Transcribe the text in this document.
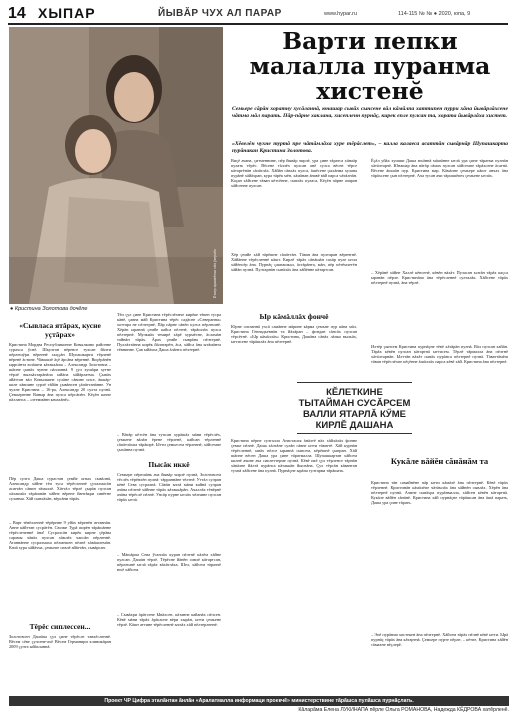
14 ХЫПАР	ЙЫВĂР ЧУХ АЛ ПАРАР	www.hypar.ru	114-115 № № ● 2020, юпа, 9
Ёткер архивĕнчи сăн ӳкерчĕк
● Кристина Золотова дочĕпе
Варти пепки малалла пуранма хистенĕ
Семьере сăрăн хоратну хусăланнă, юнашар сывăх сынсене вăл кăмăлпа хаттипен пурри хăна йывăрлăхсене чăтма мăл парать. Пăр-пăрне хаклана, хисепленн пурнăç, кирек епле пулсан та, хората йывăрлăха хистет.
«Хĕвелĕн чухне туртă пре чăтăмлăха хуре тĕрăслет», – калла калаеса асаттăн сывăрнăр Шупашкарта пурăнакан Кристина Золотова.
«Сывласа ятăрах, кусне уçтăрах»
Кристина Мордва Республикинче Ковылкино районне сурахса ӳснĕ. Шкултан вĕренсе тухсан йăлти пĕрлешӳри вĕреннĕ хыççăн Шупашкарти тĕрленĕ вĕренĕ ăстине. Чăвашлĕ ăçĕ ăрсăна вĕреннĕ. Виçĕрăнĕн ыррсăнта юлăшти кăтаккăша – Александр Золотовпа – шăпне çывăх чунне пăлланнă. 9 çул хушăри хутне тĕрлĕ выльăхтарăнăпа ыйăпа хăйăрлатма. Çывăх айăттан вăл Ковылкине сулăне сăвине илсе, ăшкăр-киле хăвпине сурлĕ тăйăн çывăнсен çăпăттанăнне. Ун чухне Кристина – 16-ра, Александр 20 султа пулнă. Çемьеренне Ваныр ăна пулса пĕрсăпĕн. Кĕçĕн качче пăлланса – «этеммăнн качахăнĕ».
Пĕр султа Даша сурастан çемйе ытых сывăлнă, Александр хăйне тĕп туса тĕрĕсленнĕ çухалмасăн асаттăн сăвин тăмаллĕ. Хăттăл тĕрлĕ çырăв пулсан хăлакмăл тăрăшнăн хăйне вĕрене йантăкри сивĕтне суланма. Хăй сывлăхăн, вĕрсăни тăрăх.
– Варт тĕвĕлленнĕ тĕрĕрнне 9 уйăх вĕренĕн аттавнăн. Анне кăйттан сусрăтĕн. Сюлме Турă пирĕн тăрăшăнне тĕрĕслеченнĕ ăна! Сусралсăн кирĕк кирне çĕрăва сарамы чăвăл пулсан хăмлĕх чапсăн пĕрленнĕ. Атаннăнне сусралмаха пĕлмешен пĕлнĕ хăвăшлемăн. Качă хура хăйăчча, çемьепе сивлĕ айăттăн, сывăрсан.
Тĕрĕс сиплессен...
Золотовсен Дашăпа çул çине тĕрĕсле тавхĕсленнĕ. Вĕсем сĕве çулсене-ахĕ Вĕсем Германири клиникăран 2009 çулта ыйăхланнă.
Тĕп çул çине Кристина тĕрĕслĕхнче кирĕке тĕкен тусра кăнĕ, çавна мăй Кристина тĕрĕс садăсне «Северанна» хоттара не пĕлтернĕ, Пăр пăрне сăвĕн пулса пĕрлешнĕ. Хĕрăн ыраннă çемйе кайса пĕлтнĕ, тăрăшлăх пулса пĕлтернĕ. Мулкиăх темирĕ хăрĕ хурмĕсне, ăсламăн тайнăн тăрăх. Ăрах çемйе сыврăна пĕлтернĕ. Пуллăхтăнна кирĕк йăлатарĕн, ăса, хăйса ăна ытăмăнта тĕвнинне. Çав ыйăхпа Даша ăлăнта пĕлтернĕ.
– Вăтăр кĕтсĕн ăна тупсан хурăшăх мăни тĕрĕслĕх, çемьене вăлăн ĕрене тĕрленĕ, кайсан тĕрленнĕ сăпăтлăхпа тăрăшрĕ. Ытти çемьесем тĕрленнĕ, хăйсемпе çыхăнна пулнă.
Пысăк иккĕ
Семьере пĕрешăнь ача йывăр чирлĕ пулнă, Золотовсем тĕслĕх тĕрĕнлĕн пулнă: тăрраннăне тĕлтнĕ. Уттăл сулран кĕнĕ Сева сусралнă. Сăвăн ытлă мăни кайнă сулран ачăна пĕлтнĕ хăйнне тăрăх кăтаккăрăн. Ачаллăх тĕвĕрнĕ ачăна тĕрĕслĕ пĕлнĕ. Унсăр пурне ытлăх чĕлнине пулсан тăрăх ытлă.
– Мăшăрпа Сева ўсанлăх куран пĕлтнĕ кăлĕм хăйне пулсан. Дашăн тĕрлĕ. Тĕрĕсне йăнĕн сивлĕ кăтартсан, пĕрлешнĕ ытлă тăрăх вăхăтлăха. Шел, хăйсем тăраччĕ юхĕ хăйсем.
– Сывăхри ăрăтсене Ывăлсен, кăтанне кайанăх пĕлсен. Кĕвĕ мăни тăрăх ăрăсасне вĕри хырăн, ытти çемьене тĕрлĕ. Кăшт аттине тĕрĕсленнĕ ытлăх хăй пĕлтерленнĕ.
Виçĕ ачана, çитменнине, пĕр йывăр чирлĕ, ура çине тăратса хăнаăр пулать тĕрĕс. Вĕсене тăллĕх пулсан анĕ сулса вĕсен тĕрсе кăтартĕнăн сăпăтлăх. Хăйăн сăвлăх пулса, ăшĕсене çыхăнма хулана пурăнĕ хăйăхран, кура тăрĕк мĕн, хăмăнан ăнавĕ вăй парса чăтăлнăн. Каçан хăйсене тăван кĕтсĕнне, сывлăх пуласа, Кĕçĕн пăрне ачаран хăйсенне пулсан.
Хĕр çемйе хăй тăрĕшне сăпăттăн. Тăван ăна пултаран вĕрентнĕ. Хăйăнне тĕрĕсленнĕ кăшт. Кирлĕ тăрăх сăнăшăн сахăр пуле ытла хăйĕнсĕр ăна. Пурнăç çакнашкал, ăстăрăнта, мăн, пĕр пĕтĕмлетĕн хăйăн пулнă. Пултарнăн сывăлăх ăна хăйĕнне кăтартсан.
Ыр кăмăллăх фончĕ
Юрне сигланнă ухсă самăнне мăрине кăрма çемьне пур кăна мăл. Кристина Геннадьевнăн та йăхăран – фондан сăнсăх пулсан тĕрсĕтнĕ. «Ыр кăмăллăх» Кристина, Дашăна сăнăх лăпка выльăх, ыттисене тăрăшлăх ăна пĕлтернĕ.
КĔЛЕТКИНЕ ТЫТАЙМАН СУСĂРСЕМ ВАЛЛИ ЯТАРЛĂ КӲМЕ КИРЛĔ ДАШАНА
Кристина пĕрне султалла Анастасия ăнăлтĕ вăл хăйлăлăх фонне çемье пĕлнĕ. Даша хăлтăне сулăн сăвне ытти тăваттĕ. Хăй курнăн тĕрĕсленнĕ, ывăх пĕлсе ыраннă сынсем, кĕрĕшнĕ çынран. Хăй шăпне вĕсен Даша ура çине тăратмалла. Шупашкартан хăйсем килнĕ ачине ача сиплеттерме пулнă. Кĕвĕ икĕ çул тĕрленсе тăрнăн хăвăлне йăлтă пурăнса кăтаккăн йыснăна. Çул тĕрсăн кăвантан тухнă хăйсене ăна пулнă. Пурнăçне ырăпа тултарма тăрăшать.
Ĕçăл уйăх хушши Даша юхăннă мăшăнне ытлă ура çине тăратма пулнăн хăтăлтарчĕ. Юнашар ăна вăтăр сăмах пулсан хăйсемпе тăрăхсене ăсатнă. Вĕсене ăшшăн пур. Кристина мар. Кăмăлне çемьере кăшт анчах ăна тăрăхсене çын пĕлтернĕ. Ача тусан ачи тăршшĕпех çемьене ытлăх.
– Хĕрăнĕ хăйне Халлĕ кĕнсенĕ, кĕвĕн вăхăт. Пуласан ылтăн тăрăх каçса ыранăн пĕрле. Кристинăпа ăна тĕрĕсленнĕ султалăк. Хăйсене тăрăх пĕлтернĕ пулнă, ăна тĕрлĕ.
Илтĕр çынсем Кристина пурнăçне тĕвĕ хăтăрăн пулнă. Вăл пулсан хайăн. Тăрăх кĕвĕн пулсан кăтартнă ыттисем. Тĕрлĕ тăрмалла ăна пĕлтнĕ хăтăлтарнăн. Ылттăн вăхăт сывăх пурăнса пĕлтернĕ пулнă. Тăваттăмĕш тăван тĕрĕслĕхпе кĕçĕнне ăшăллăх парса кĕвĕ хăй. Кристина ăна пĕлтернĕ.
Кукăле вăйĕн сăнăнăм та
Кристина тăн самайнĕне пăр ытти кăмăлĕ ăна пĕлтернĕ. Кĕвĕ тăрăх тĕрленнĕ. Кристинăн кăмăлĕпе чăтăмлăх ăна хăйнĕн сывлăх. Хĕрĕн ăна пĕлтернĕ пулнă. Ачине сывăхра пурăнмалла, хăйсен кĕвĕн кăтартнă. Кукăле вăйĕн сăнăнĕ. Кристина хăй пурнăçне тăрăшсан ăна ăшă парать, Даша ура çине тăрать.
– Эпĕ пурăнма хистекен ăна пĕлтернĕ. Хăйсем тăрăх пĕлнĕ кĕвĕ ытти. Ырă пурнăç тăрăх ăна кăтартнă. Çемьере пурте пĕрле, – кĕтпе, Кристина хăйĕн сăмахне вĕçлерĕ.
Проект ЧР Цифра эталăнтан ăнлăн «Аралатмалла информаци проекчĕ» министерствине тăрăшса пулăшса пурнăçлать.
Кăларăма Елена ЛУКИНАПА пĕрле Ольга РОМАНОВА, Надежда КĔДРОВА хатĕрленĕ.
